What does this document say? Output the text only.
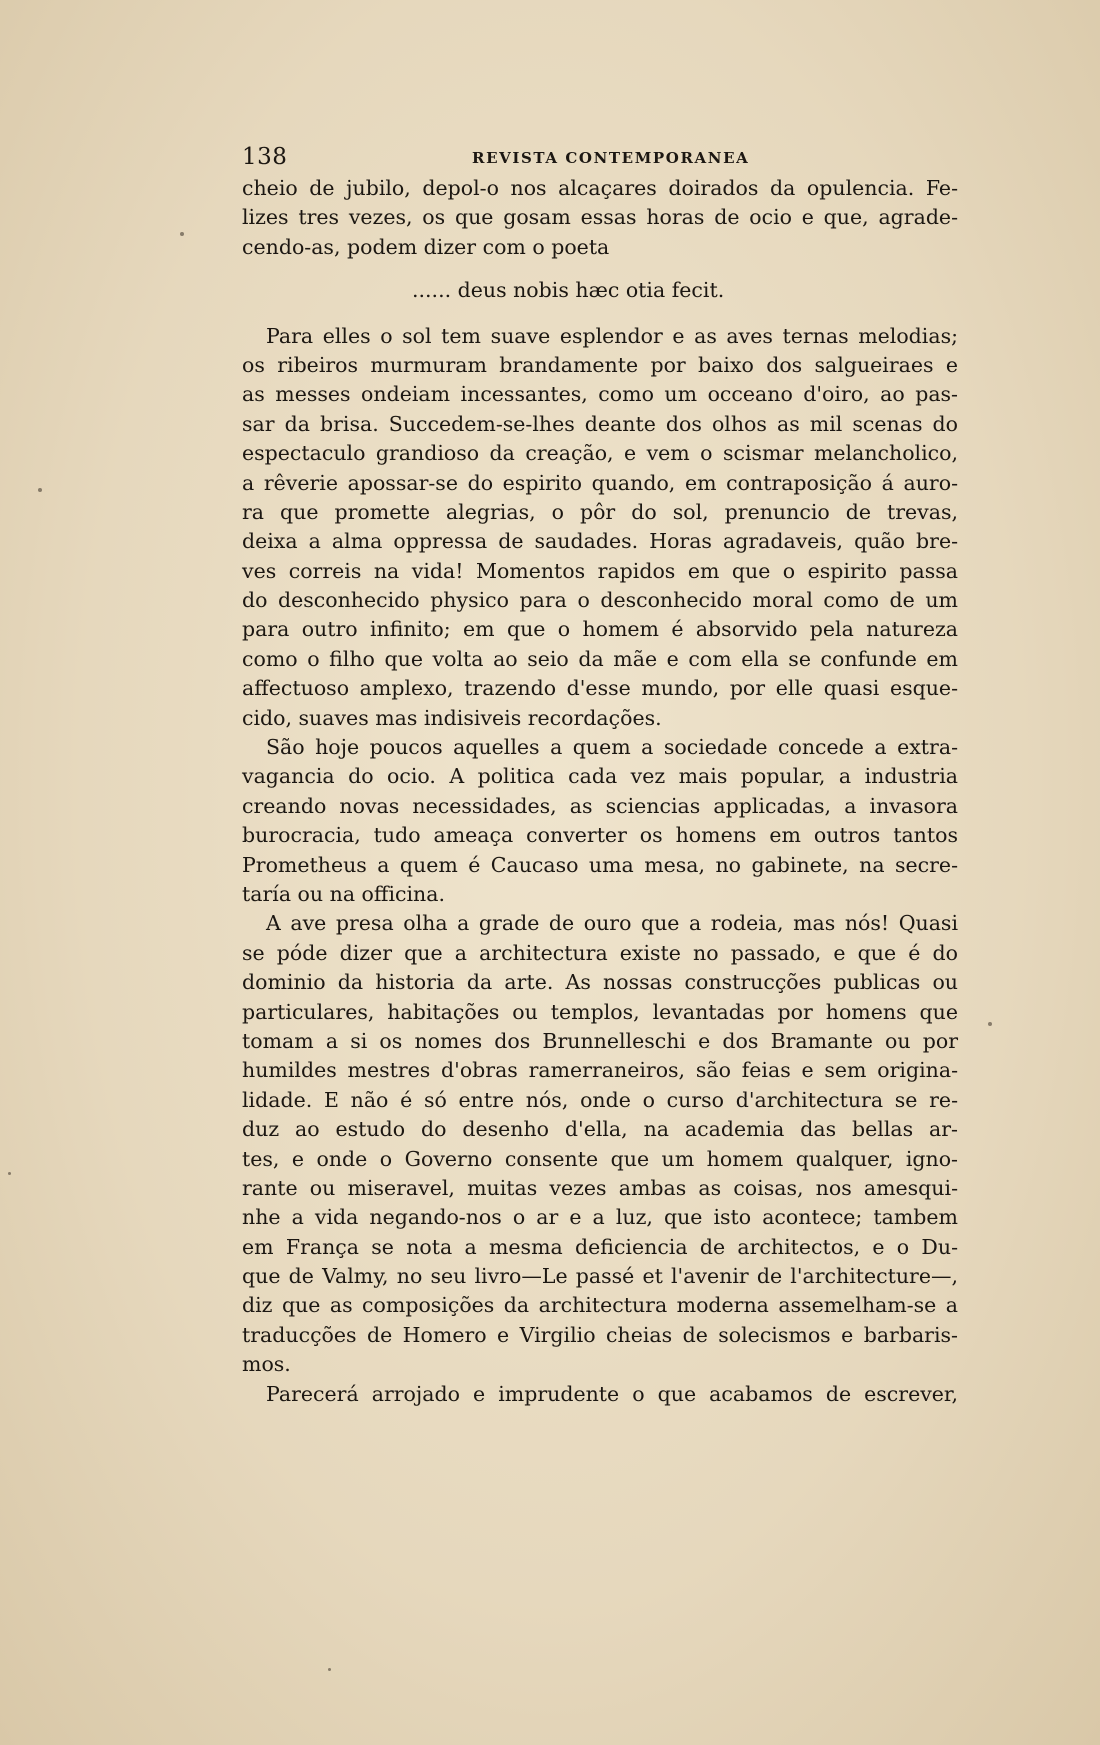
138	REVISTA CONTEMPORANEA
cheio de jubilo, depol-o nos alcaçares doirados da opulencia. Fe-
lizes tres vezes, os que gosam essas horas de ocio e que, agrade-
cendo-as, podem dizer com o poeta
...... deus nobis hæc otia fecit.
Para elles o sol tem suave esplendor e as aves ternas melodias;
os ribeiros murmuram brandamente por baixo dos salgueiraes e
as messes ondeiam incessantes, como um occeano d'oiro, ao pas-
sar da brisa. Succedem-se-lhes deante dos olhos as mil scenas do
espectaculo grandioso da creação, e vem o scismar melancholico,
a rêverie apossar-se do espirito quando, em contraposição á auro-
ra que promette alegrias, o pôr do sol, prenuncio de trevas,
deixa a alma oppressa de saudades. Horas agradaveis, quão bre-
ves correis na vida! Momentos rapidos em que o espirito passa
do desconhecido physico para o desconhecido moral como de um
para outro infinito; em que o homem é absorvido pela natureza
como o filho que volta ao seio da mãe e com ella se confunde em
affectuoso amplexo, trazendo d'esse mundo, por elle quasi esque-
cido, suaves mas indisiveis recordações.
São hoje poucos aquelles a quem a sociedade concede a extra-
vagancia do ocio. A politica cada vez mais popular, a industria
creando novas necessidades, as sciencias applicadas, a invasora
burocracia, tudo ameaça converter os homens em outros tantos
Prometheus a quem é Caucaso uma mesa, no gabinete, na secre-
taría ou na officina.
A ave presa olha a grade de ouro que a rodeia, mas nós! Quasi
se póde dizer que a architectura existe no passado, e que é do
dominio da historia da arte. As nossas construcções publicas ou
particulares, habitações ou templos, levantadas por homens que
tomam a si os nomes dos Brunnelleschi e dos Bramante ou por
humildes mestres d'obras ramerraneiros, são feias e sem origina-
lidade. E não é só entre nós, onde o curso d'architectura se re-
duz ao estudo do desenho d'ella, na academia das bellas ar-
tes, e onde o Governo consente que um homem qualquer, igno-
rante ou miseravel, muitas vezes ambas as coisas, nos amesqui-
nhe a vida negando-nos o ar e a luz, que isto acontece; tambem
em França se nota a mesma deficiencia de architectos, e o Du-
que de Valmy, no seu livro—Le passé et l'avenir de l'architecture—,
diz que as composições da architectura moderna assemelham-se a
traducções de Homero e Virgilio cheias de solecismos e barbaris-
mos.
Parecerá arrojado e imprudente o que acabamos de escrever,
